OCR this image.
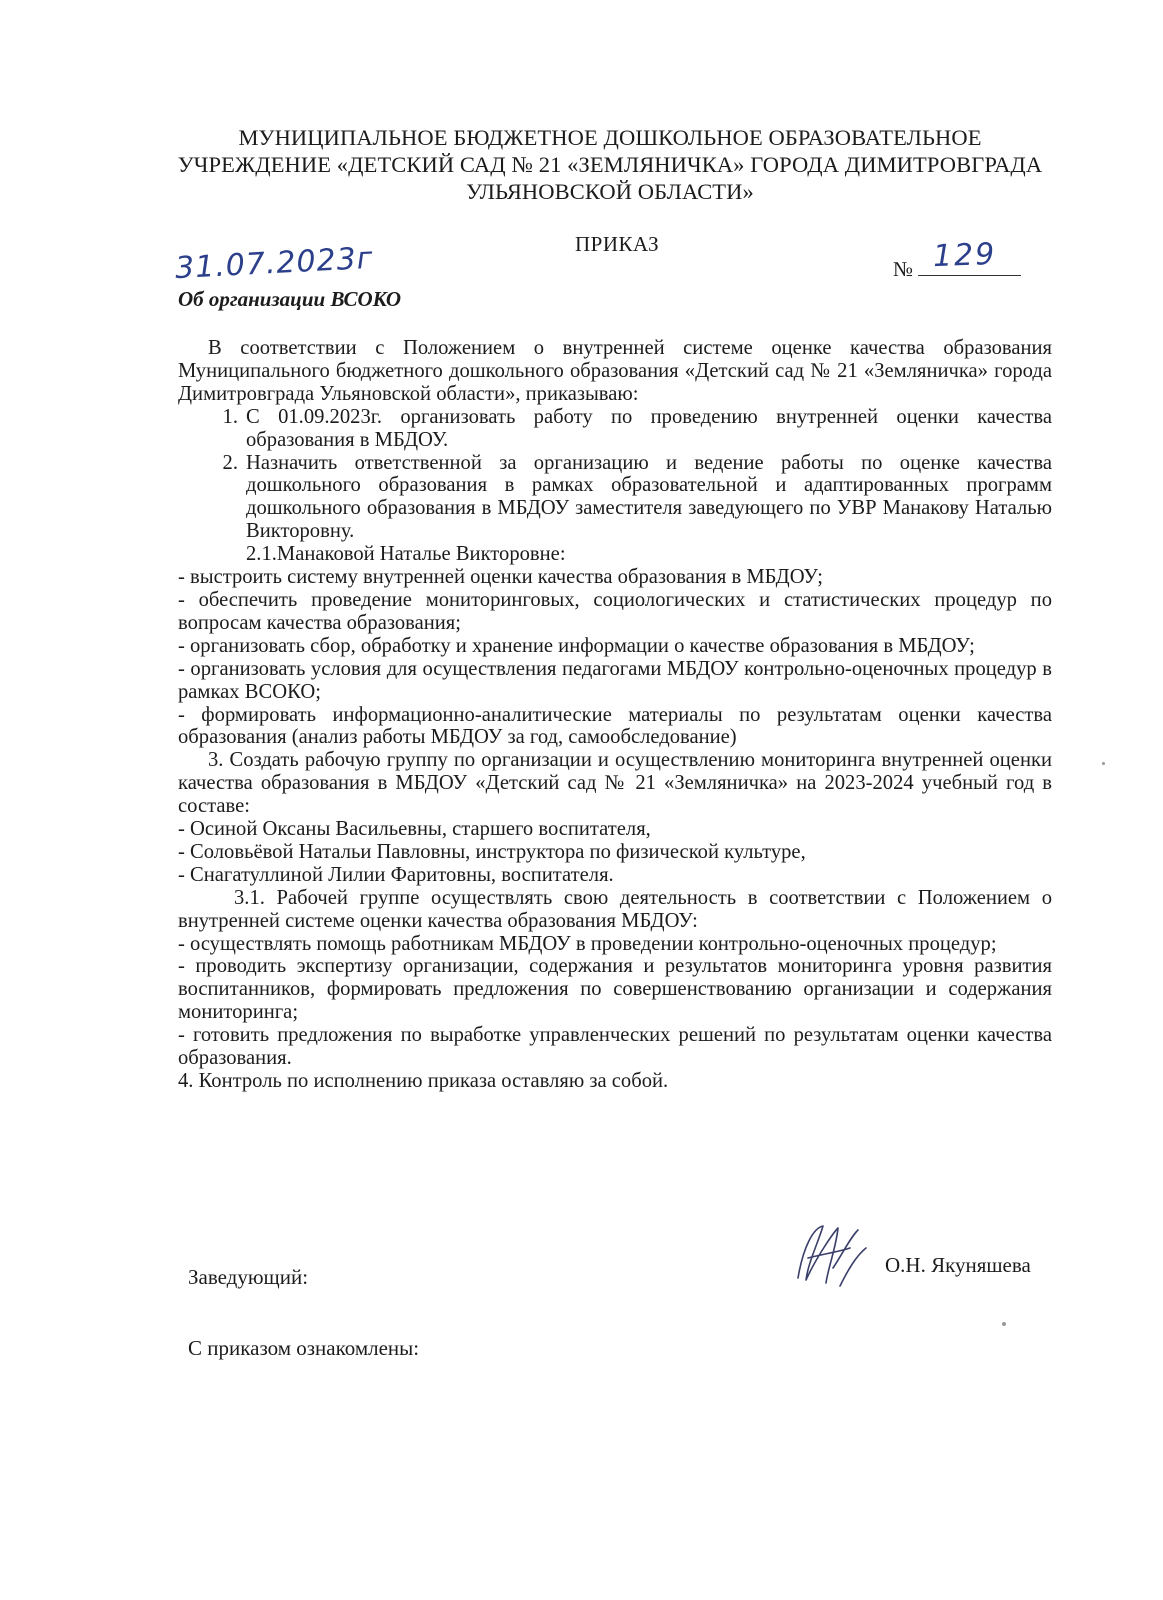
МУНИЦИПАЛЬНОЕ БЮДЖЕТНОЕ ДОШКОЛЬНОЕ ОБРАЗОВАТЕЛЬНОЕ
УЧРЕЖДЕНИЕ «ДЕТСКИЙ САД № 21 «ЗЕМЛЯНИЧКА» ГОРОДА ДИМИТРОВГРАДА
УЛЬЯНОВСКОЙ ОБЛАСТИ»
ПРИКАЗ
31.07.2023г	№ 129
Об организации ВСОКО
В соответствии с Положением о внутренней системе оценке качества образования Муниципального бюджетного дошкольного образования «Детский сад № 21 «Земляничка» города Димитровграда Ульяновской области», приказываю:
1. С 01.09.2023г. организовать работу по проведению внутренней оценки качества образования в МБДОУ.
2. Назначить ответственной за организацию и ведение работы по оценке качества дошкольного образования в рамках образовательной и адаптированных программ дошкольного образования в МБДОУ заместителя заведующего по УВР Манакову Наталью Викторовну.
2.1.Манаковой Наталье Викторовне:
- выстроить систему внутренней оценки качества образования в МБДОУ;
- обеспечить проведение мониторинговых, социологических и статистических процедур по вопросам качества образования;
- организовать сбор, обработку и хранение информации о качестве образования в МБДОУ;
- организовать условия для осуществления педагогами МБДОУ контрольно-оценочных процедур в рамках ВСОКО;
- формировать информационно-аналитические материалы по результатам оценки качества образования (анализ работы МБДОУ за год, самообследование)
3. Создать рабочую группу по организации и осуществлению мониторинга внутренней оценки качества образования в МБДОУ «Детский сад № 21 «Земляничка» на 2023-2024 учебный год в составе:
- Осиной Оксаны Васильевны, старшего воспитателя,
- Соловьёвой Натальи Павловны, инструктора по физической культуре,
- Снагатуллиной Лилии Фаритовны, воспитателя.
3.1. Рабочей группе осуществлять свою деятельность в соответствии с Положением о внутренней системе оценки качества образования МБДОУ:
- осуществлять помощь работникам МБДОУ в проведении контрольно-оценочных процедур;
- проводить экспертизу организации, содержания и результатов мониторинга уровня развития воспитанников, формировать предложения по совершенствованию организации и содержания мониторинга;
- готовить предложения по выработке управленческих решений по результатам оценки качества образования.
4. Контроль по исполнению приказа оставляю за собой.
Заведующий:	О.Н. Якуняшева
С приказом ознакомлены:
